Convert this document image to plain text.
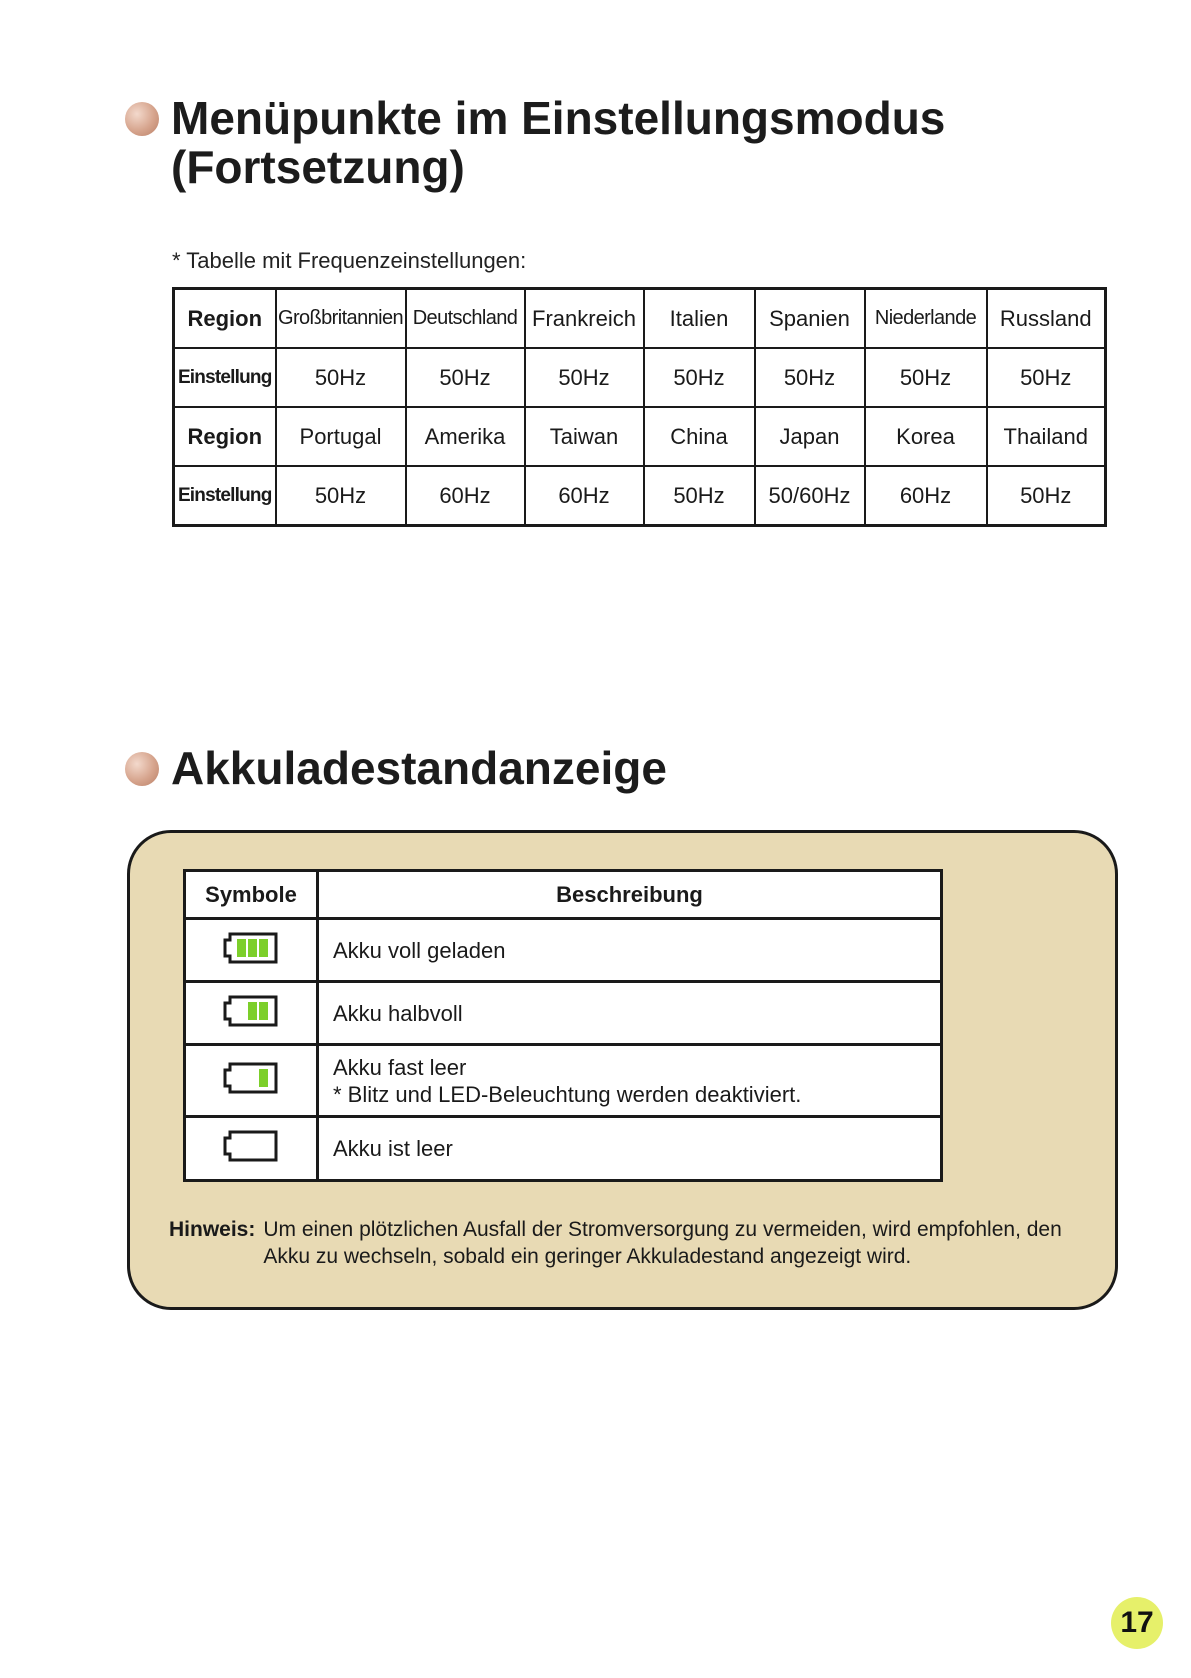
Menüpunkte im Einstellungsmodus
(Fortsetzung)
* Tabelle mit Frequenzeinstellungen:
Region	Großbritannien	Deutschland	Frankreich	Italien	Spanien	Niederlande	Russland
Einstellung	50Hz	50Hz	50Hz	50Hz	50Hz	50Hz	50Hz
Region	Portugal	Amerika	Taiwan	China	Japan	Korea	Thailand
Einstellung	50Hz	60Hz	60Hz	50Hz	50/60Hz	60Hz	50Hz
Akkuladestandanzeige
Symbole	Beschreibung

Akku voll geladen

Akku halbvoll

Akku fast leer
* Blitz und LED-Beleuchtung werden deaktiviert.

Akku ist leer
Hinweis: Um einen plötzlichen Ausfall der Stromversorgung zu vermeiden, wird empfohlen, den Akku zu wechseln, sobald ein geringer Akkuladestand angezeigt wird.
17
